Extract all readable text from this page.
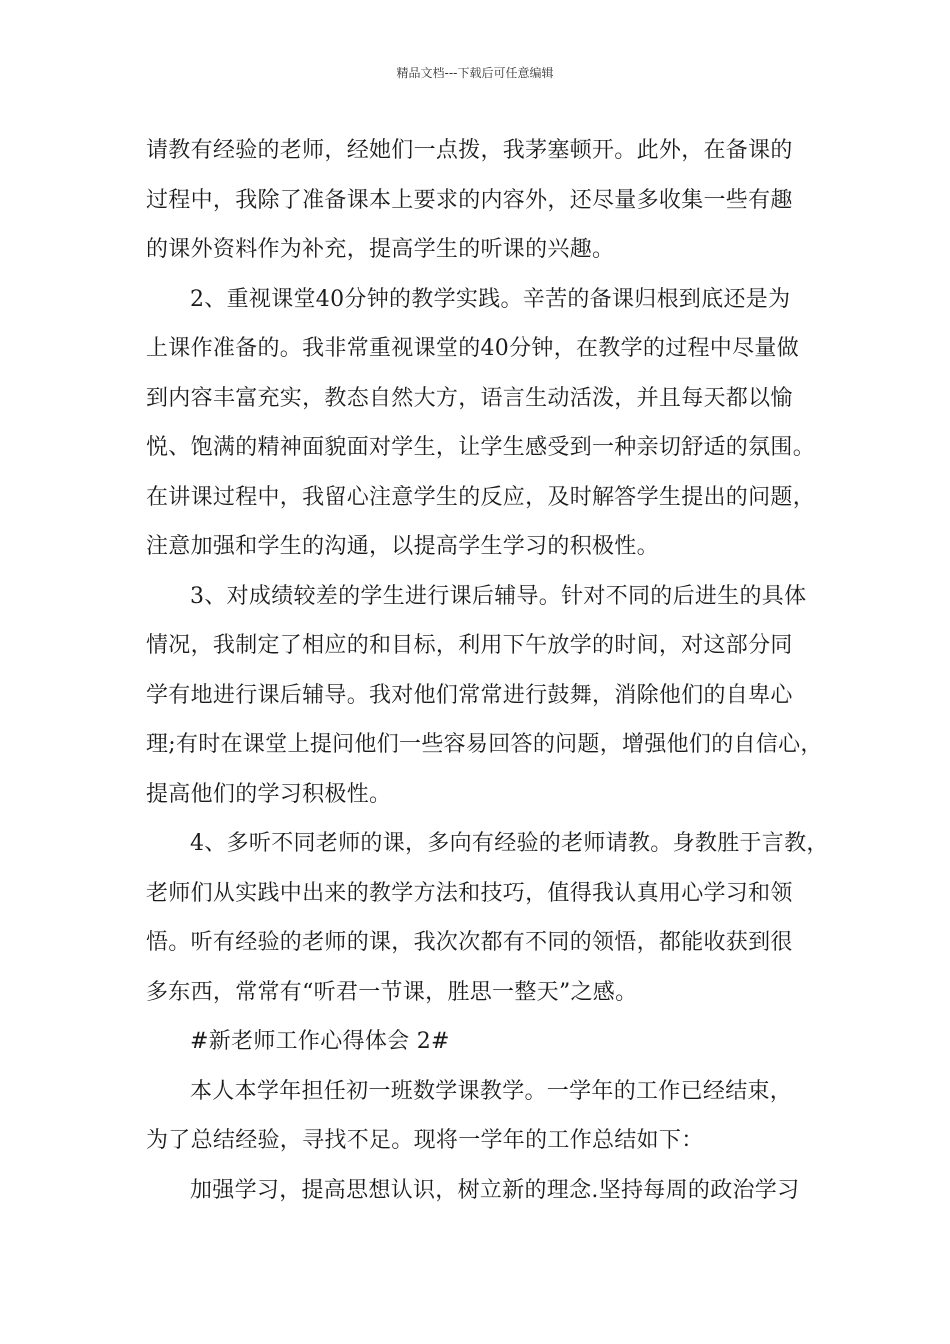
精品文档---下载后可任意编辑
请教有经验的老师，经她们一点拨，我茅塞顿开。此外，在备课的
过程中，我除了准备课本上要求的内容外，还尽量多收集一些有趣
的课外资料作为补充，提高学生的听课的兴趣。
2、重视课堂40分钟的教学实践。辛苦的备课归根到底还是为
上课作准备的。我非常重视课堂的40分钟，在教学的过程中尽量做
到内容丰富充实，教态自然大方，语言生动活泼，并且每天都以愉
悦、饱满的精神面貌面对学生，让学生感受到一种亲切舒适的氛围。
在讲课过程中，我留心注意学生的反应，及时解答学生提出的问题，
注意加强和学生的沟通，以提高学生学习的积极性。
3、对成绩较差的学生进行课后辅导。针对不同的后进生的具体
情况，我制定了相应的和目标，利用下午放学的时间，对这部分同
学有地进行课后辅导。我对他们常常进行鼓舞，消除他们的自卑心
理;有时在课堂上提问他们一些容易回答的问题，增强他们的自信心，
提高他们的学习积极性。
4、多听不同老师的课，多向有经验的老师请教。身教胜于言教，
老师们从实践中出来的教学方法和技巧，值得我认真用心学习和领
悟。听有经验的老师的课，我次次都有不同的领悟，都能收获到很
多东西，常常有“听君一节课，胜思一整天”之感。
#新老师工作心得体会 2#
本人本学年担任初一班数学课教学。一学年的工作已经结束，
为了总结经验，寻找不足。现将一学年的工作总结如下：
加强学习，提高思想认识，树立新的理念.坚持每周的政治学习
